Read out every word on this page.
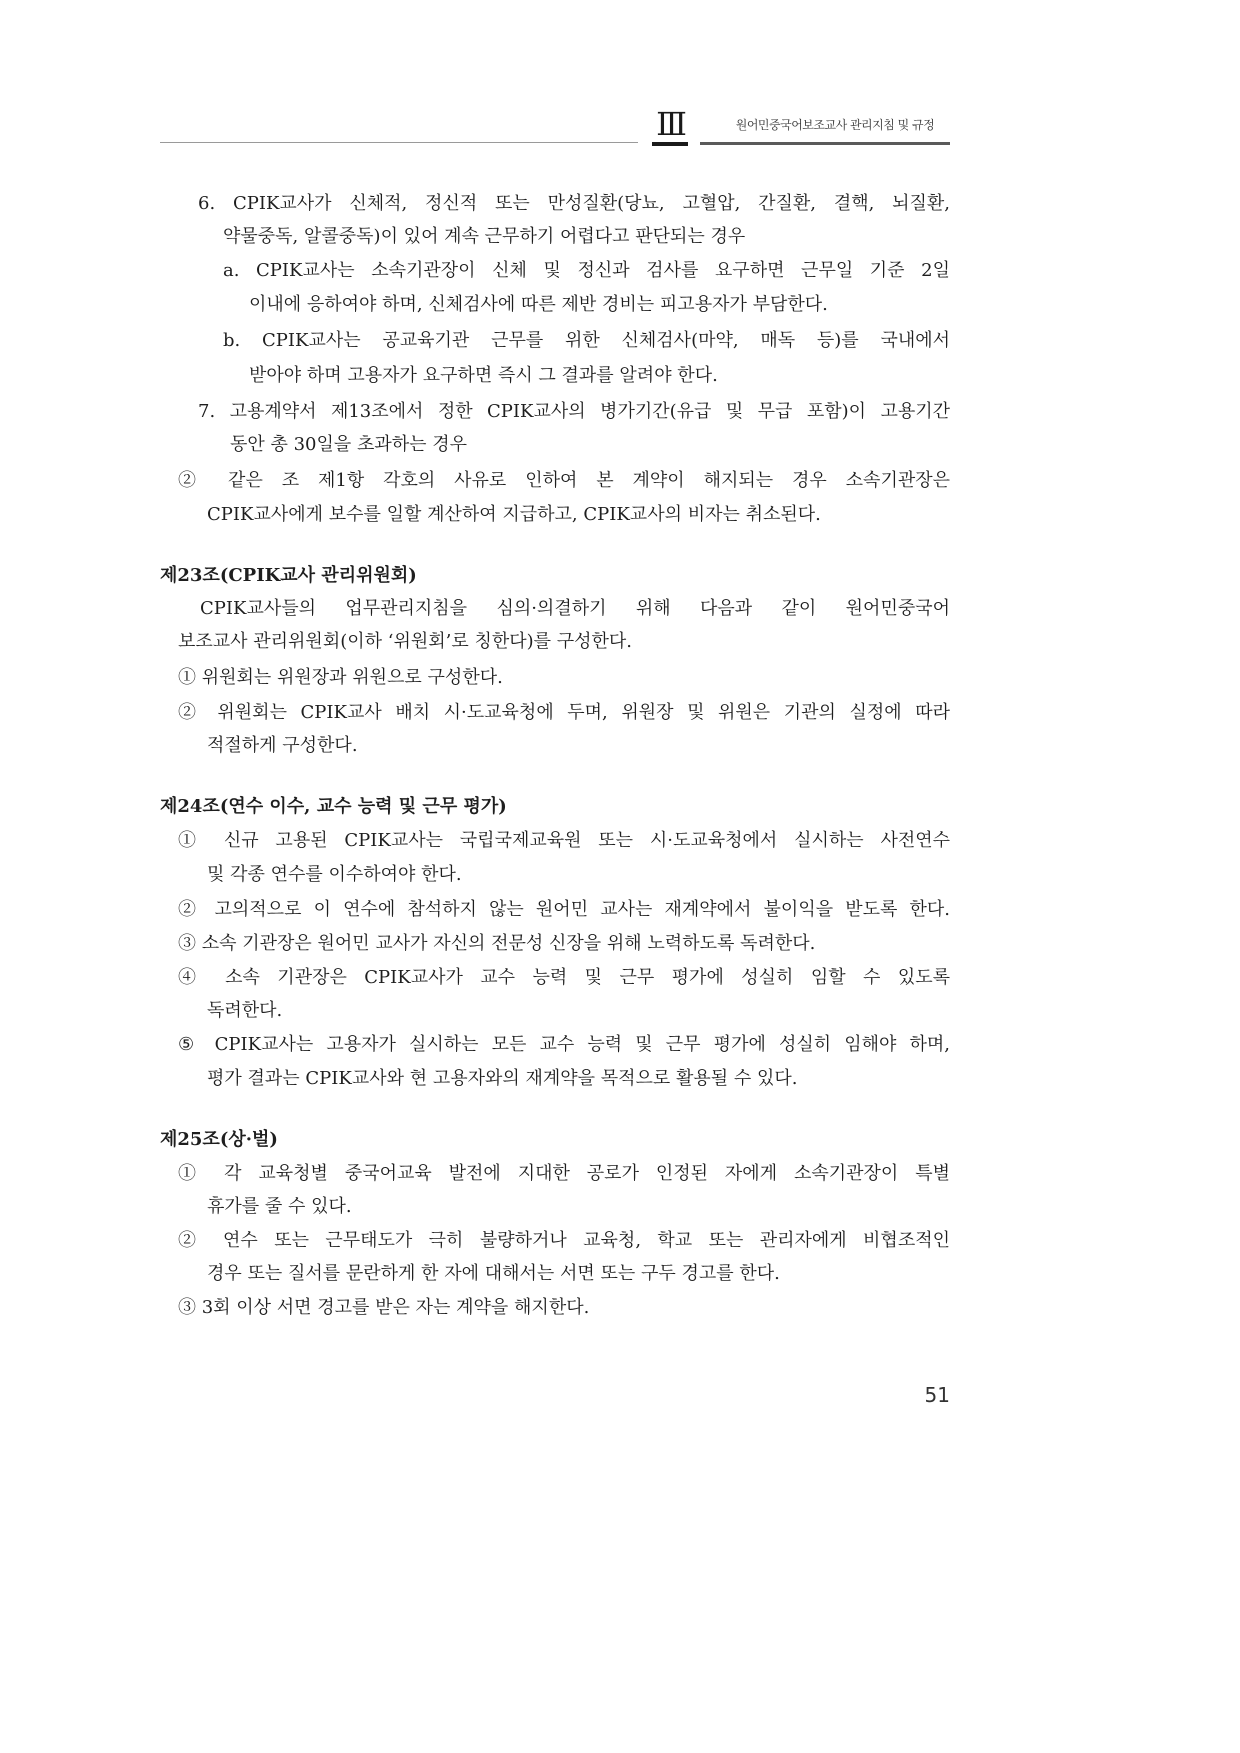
Ⅲ	원어민중국어보조교사 관리지침 및 규정
6. CPIK교사가 신체적, 정신적 또는 만성질환(당뇨, 고혈압, 간질환, 결핵, 뇌질환,
약물중독, 알콜중독)이 있어 계속 근무하기 어렵다고 판단되는 경우
a. CPIK교사는 소속기관장이 신체 및 정신과 검사를 요구하면 근무일 기준 2일
이내에 응하여야 하며, 신체검사에 따른 제반 경비는 피고용자가 부담한다.
b. CPIK교사는 공교육기관 근무를 위한 신체검사(마약, 매독 등)를 국내에서
받아야 하며 고용자가 요구하면 즉시 그 결과를 알려야 한다.
7. 고용계약서 제13조에서 정한 CPIK교사의 병가기간(유급 및 무급 포함)이 고용기간
동안 총 30일을 초과하는 경우
② 같은 조 제1항 각호의 사유로 인하여 본 계약이 해지되는 경우 소속기관장은
CPIK교사에게 보수를 일할 계산하여 지급하고, CPIK교사의 비자는 취소된다.
제23조(CPIK교사 관리위원회)
CPIK교사들의 업무관리지침을 심의·의결하기 위해 다음과 같이 원어민중국어
보조교사 관리위원회(이하 ‘위원회’로 칭한다)를 구성한다.
① 위원회는 위원장과 위원으로 구성한다.
② 위원회는 CPIK교사 배치 시·도교육청에 두며, 위원장 및 위원은 기관의 실정에 따라
적절하게 구성한다.
제24조(연수 이수, 교수 능력 및 근무 평가)
① 신규 고용된 CPIK교사는 국립국제교육원 또는 시·도교육청에서 실시하는 사전연수
및 각종 연수를 이수하여야 한다.
② 고의적으로 이 연수에 참석하지 않는 원어민 교사는 재계약에서 불이익을 받도록 한다.
③ 소속 기관장은 원어민 교사가 자신의 전문성 신장을 위해 노력하도록 독려한다.
④ 소속 기관장은 CPIK교사가 교수 능력 및 근무 평가에 성실히 임할 수 있도록
독려한다.
⑤ CPIK교사는 고용자가 실시하는 모든 교수 능력 및 근무 평가에 성실히 임해야 하며,
평가 결과는 CPIK교사와 현 고용자와의 재계약을 목적으로 활용될 수 있다.
제25조(상·벌)
① 각 교육청별 중국어교육 발전에 지대한 공로가 인정된 자에게 소속기관장이 특별
휴가를 줄 수 있다.
② 연수 또는 근무태도가 극히 불량하거나 교육청, 학교 또는 관리자에게 비협조적인
경우 또는 질서를 문란하게 한 자에 대해서는 서면 또는 구두 경고를 한다.
③ 3회 이상 서면 경고를 받은 자는 계약을 해지한다.
51
